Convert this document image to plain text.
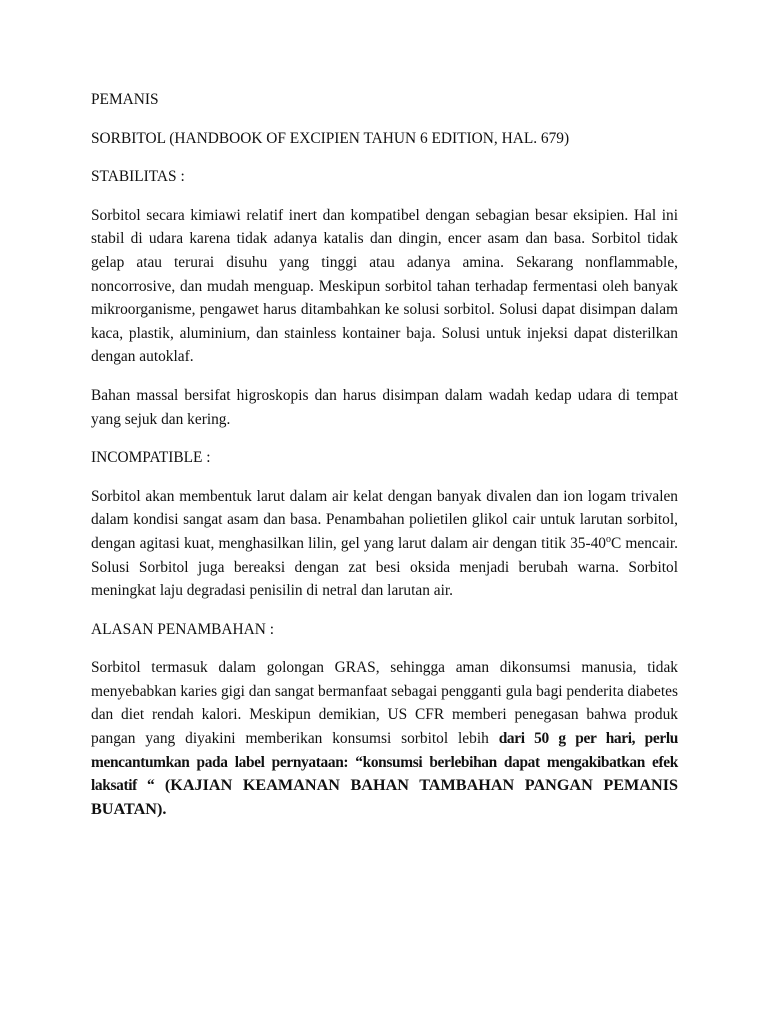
PEMANIS

SORBITOL (HANDBOOK OF EXCIPIEN TAHUN 6 EDITION, HAL. 679)

STABILITAS :

Sorbitol secara kimiawi relatif inert dan kompatibel dengan sebagian besar eksipien. Hal ini stabil di udara karena tidak adanya katalis dan dingin, encer asam dan basa. Sorbitol tidak gelap atau terurai disuhu yang tinggi atau adanya amina. Sekarang nonflammable, noncorrosive, dan mudah menguap. Meskipun sorbitol tahan terhadap fermentasi oleh banyak mikroorganisme, pengawet harus ditambahkan ke solusi sorbitol. Solusi dapat disimpan dalam kaca, plastik, aluminium, dan stainless kontainer baja. Solusi untuk injeksi dapat disterilkan dengan autoklaf.

Bahan massal bersifat higroskopis dan harus disimpan dalam wadah kedap udara di tempat yang sejuk dan kering.

INCOMPATIBLE :

Sorbitol akan membentuk larut dalam air kelat dengan banyak divalen dan ion logam trivalen dalam kondisi sangat asam dan basa. Penambahan polietilen glikol cair untuk larutan sorbitol, dengan agitasi kuat, menghasilkan lilin, gel yang larut dalam air dengan titik 35-40$^o$C mencair. Solusi Sorbitol juga bereaksi dengan zat besi oksida menjadi berubah warna. Sorbitol meningkat laju degradasi penisilin di netral dan larutan air.

ALASAN PENAMBAHAN :

Sorbitol termasuk dalam golongan GRAS, sehingga aman dikonsumsi manusia, tidak menyebabkan karies gigi dan sangat bermanfaat sebagai pengganti gula bagi penderita diabetes dan diet rendah kalori. Meskipun demikian, US CFR memberi penegasan bahwa produk pangan yang diyakini memberikan konsumsi sorbitol lebih dari 50 g per hari, perlu mencantumkan pada label pernyataan: “konsumsi berlebihan dapat mengakibatkan efek laksatif “ (KAJIAN KEAMANAN BAHAN TAMBAHAN PANGAN PEMANIS BUATAN).
